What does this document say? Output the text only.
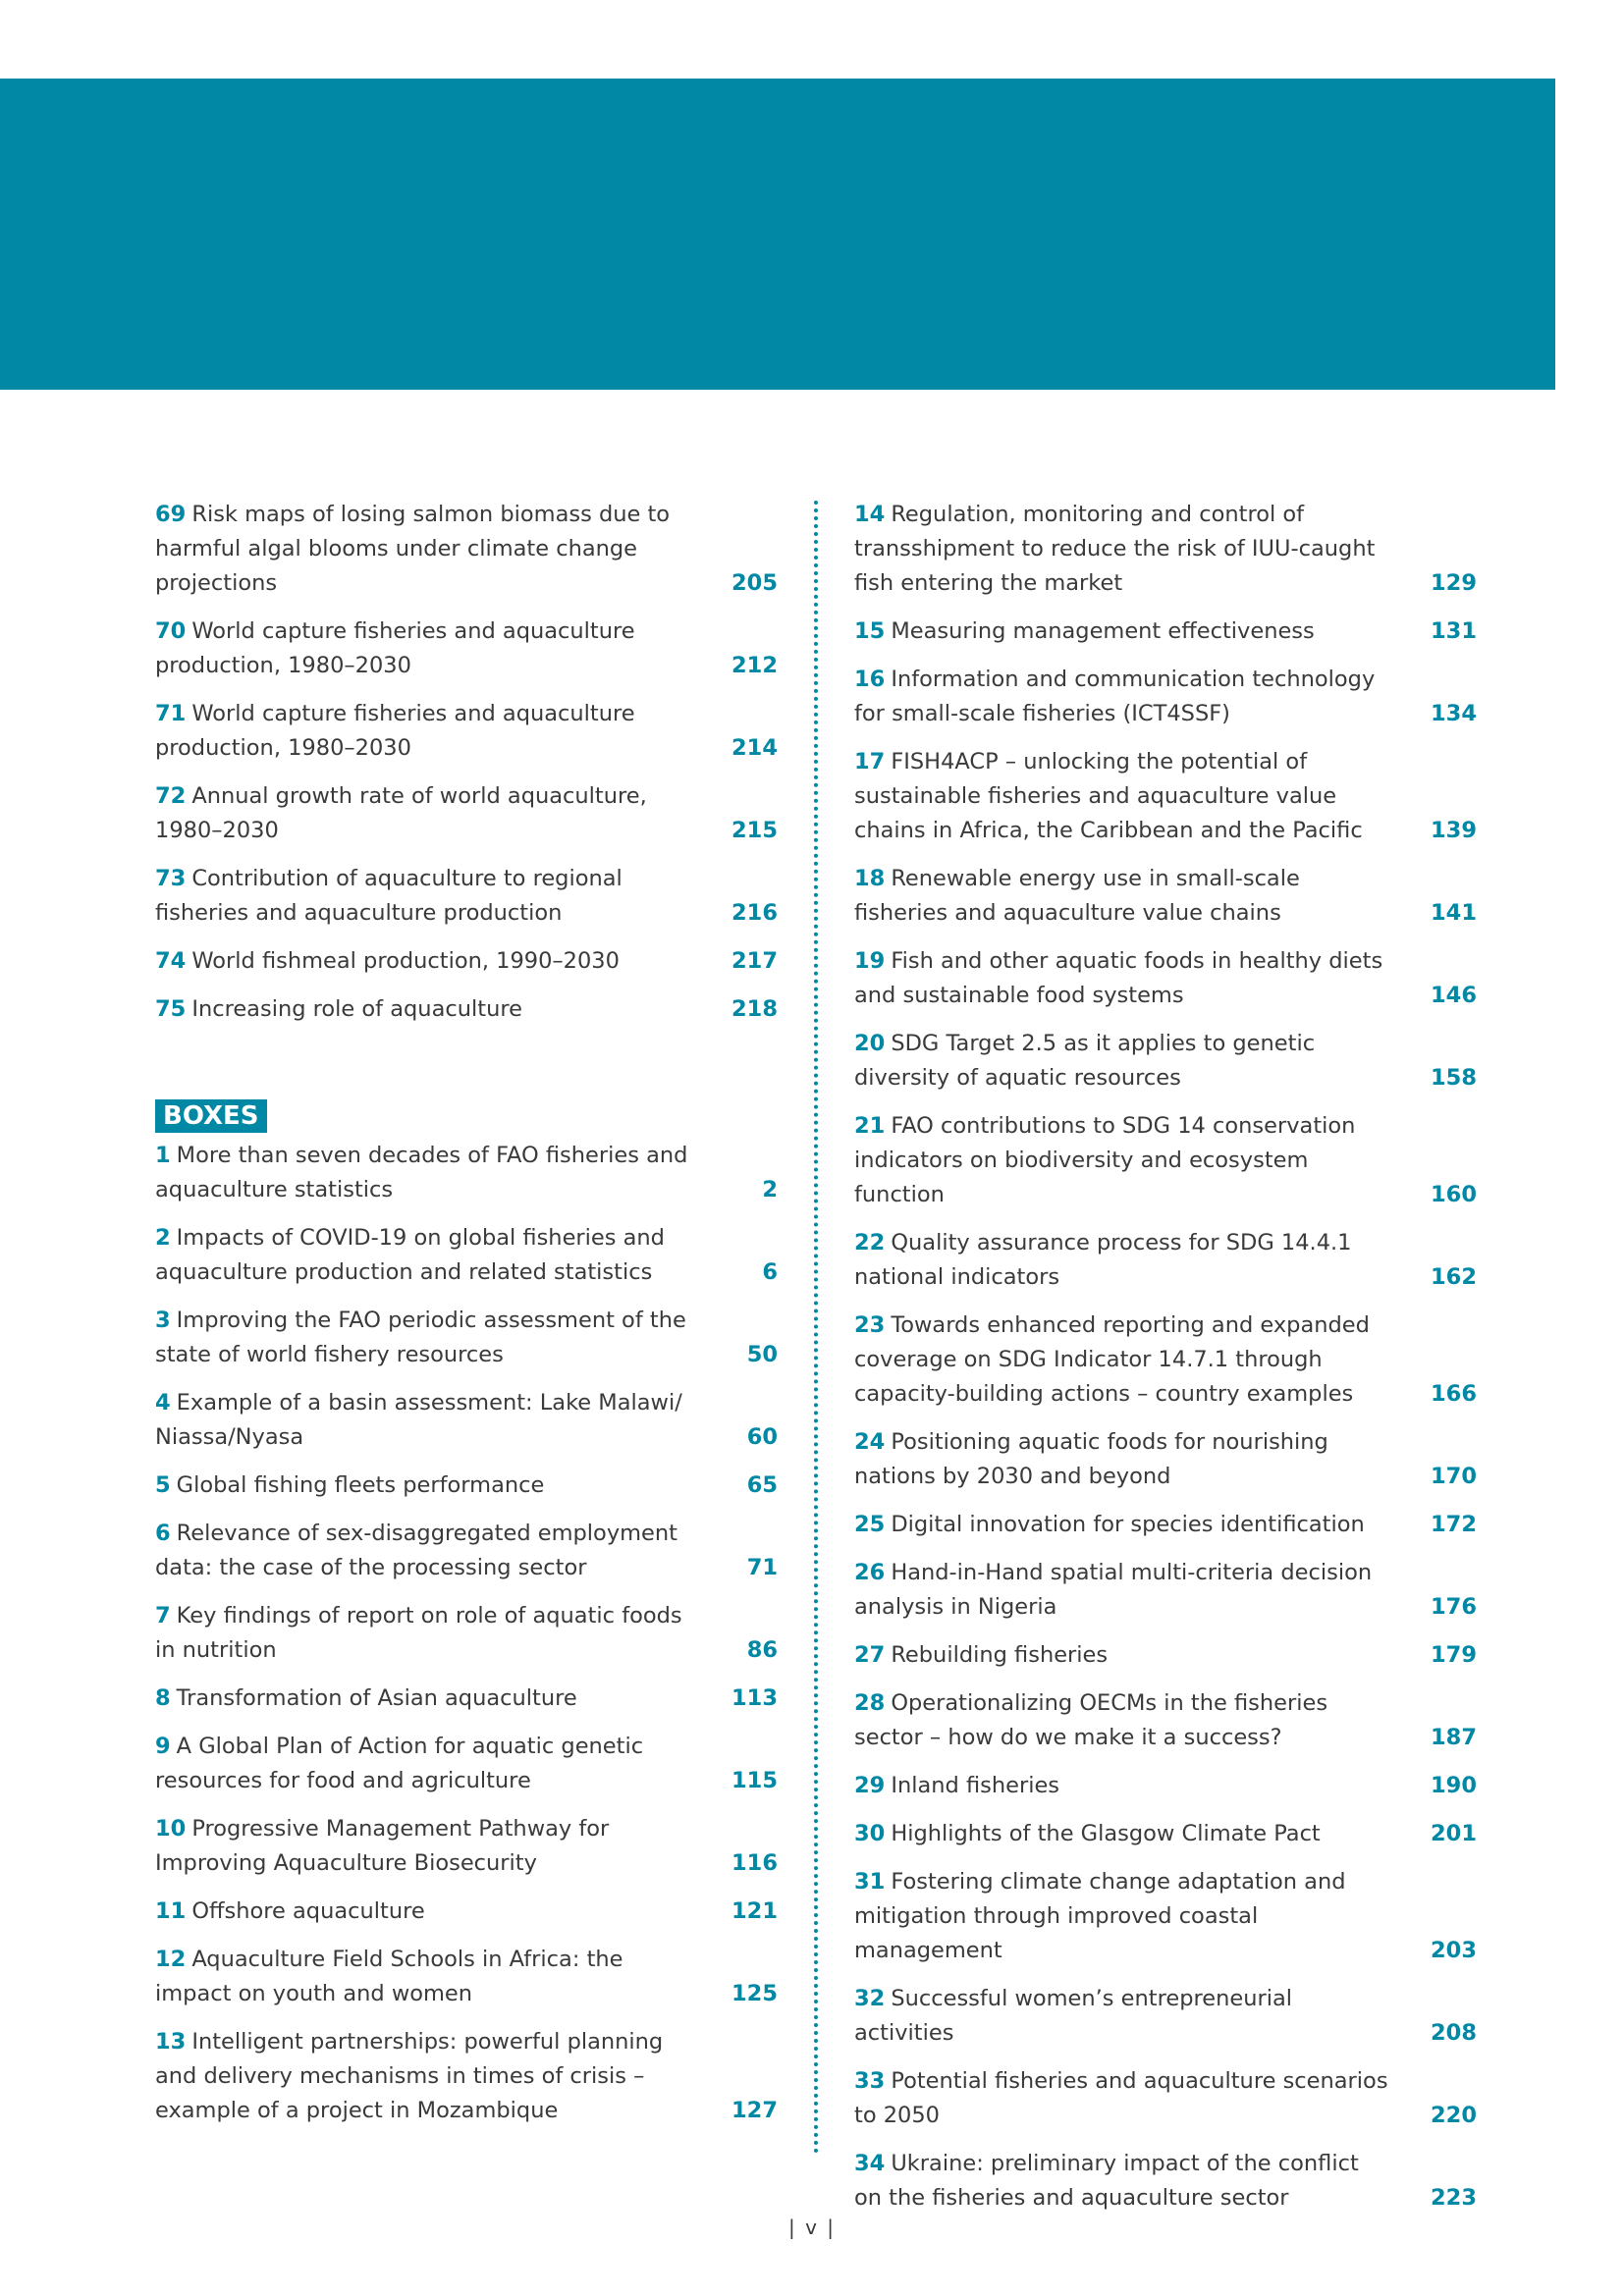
69 Risk maps of losing salmon biomass due to harmful algal blooms under climate change projections	205
70 World capture fisheries and aquaculture production, 1980–2030	212
71 World capture fisheries and aquaculture production, 1980–2030	214
72 Annual growth rate of world aquaculture, 1980–2030	215
73 Contribution of aquaculture to regional fisheries and aquaculture production	216
74 World fishmeal production, 1990–2030	217
75 Increasing role of aquaculture	218
BOXES
1 More than seven decades of FAO fisheries and aquaculture statistics	2
2 Impacts of COVID-19 on global fisheries and aquaculture production and related statistics	6
3 Improving the FAO periodic assessment of the state of world fishery resources	50
4 Example of a basin assessment: Lake Malawi/ Niassa/Nyasa	60
5 Global fishing fleets performance	65
6 Relevance of sex-disaggregated employment data: the case of the processing sector	71
7 Key findings of report on role of aquatic foods in nutrition	86
8 Transformation of Asian aquaculture	113
9 A Global Plan of Action for aquatic genetic resources for food and agriculture	115
10 Progressive Management Pathway for Improving Aquaculture Biosecurity	116
11 Offshore aquaculture	121
12 Aquaculture Field Schools in Africa: the impact on youth and women	125
13 Intelligent partnerships: powerful planning and delivery mechanisms in times of crisis – example of a project in Mozambique	127
14 Regulation, monitoring and control of transshipment to reduce the risk of IUU-caught fish entering the market	129
15 Measuring management effectiveness	131
16 Information and communication technology for small-scale fisheries (ICT4SSF)	134
17 FISH4ACP – unlocking the potential of sustainable fisheries and aquaculture value chains in Africa, the Caribbean and the Pacific	139
18 Renewable energy use in small-scale fisheries and aquaculture value chains	141
19 Fish and other aquatic foods in healthy diets and sustainable food systems	146
20 SDG Target 2.5 as it applies to genetic diversity of aquatic resources	158
21 FAO contributions to SDG 14 conservation indicators on biodiversity and ecosystem function	160
22 Quality assurance process for SDG 14.4.1 national indicators	162
23 Towards enhanced reporting and expanded coverage on SDG Indicator 14.7.1 through capacity-building actions – country examples	166
24 Positioning aquatic foods for nourishing nations by 2030 and beyond	170
25 Digital innovation for species identification	172
26 Hand-in-Hand spatial multi-criteria decision analysis in Nigeria	176
27 Rebuilding fisheries	179
28 Operationalizing OECMs in the fisheries sector – how do we make it a success?	187
29 Inland fisheries	190
30 Highlights of the Glasgow Climate Pact	201
31 Fostering climate change adaptation and mitigation through improved coastal management	203
32 Successful women’s entrepreneurial activities	208
33 Potential fisheries and aquaculture scenarios to 2050	220
34 Ukraine: preliminary impact of the conflict on the fisheries and aquaculture sector	223
| v |
